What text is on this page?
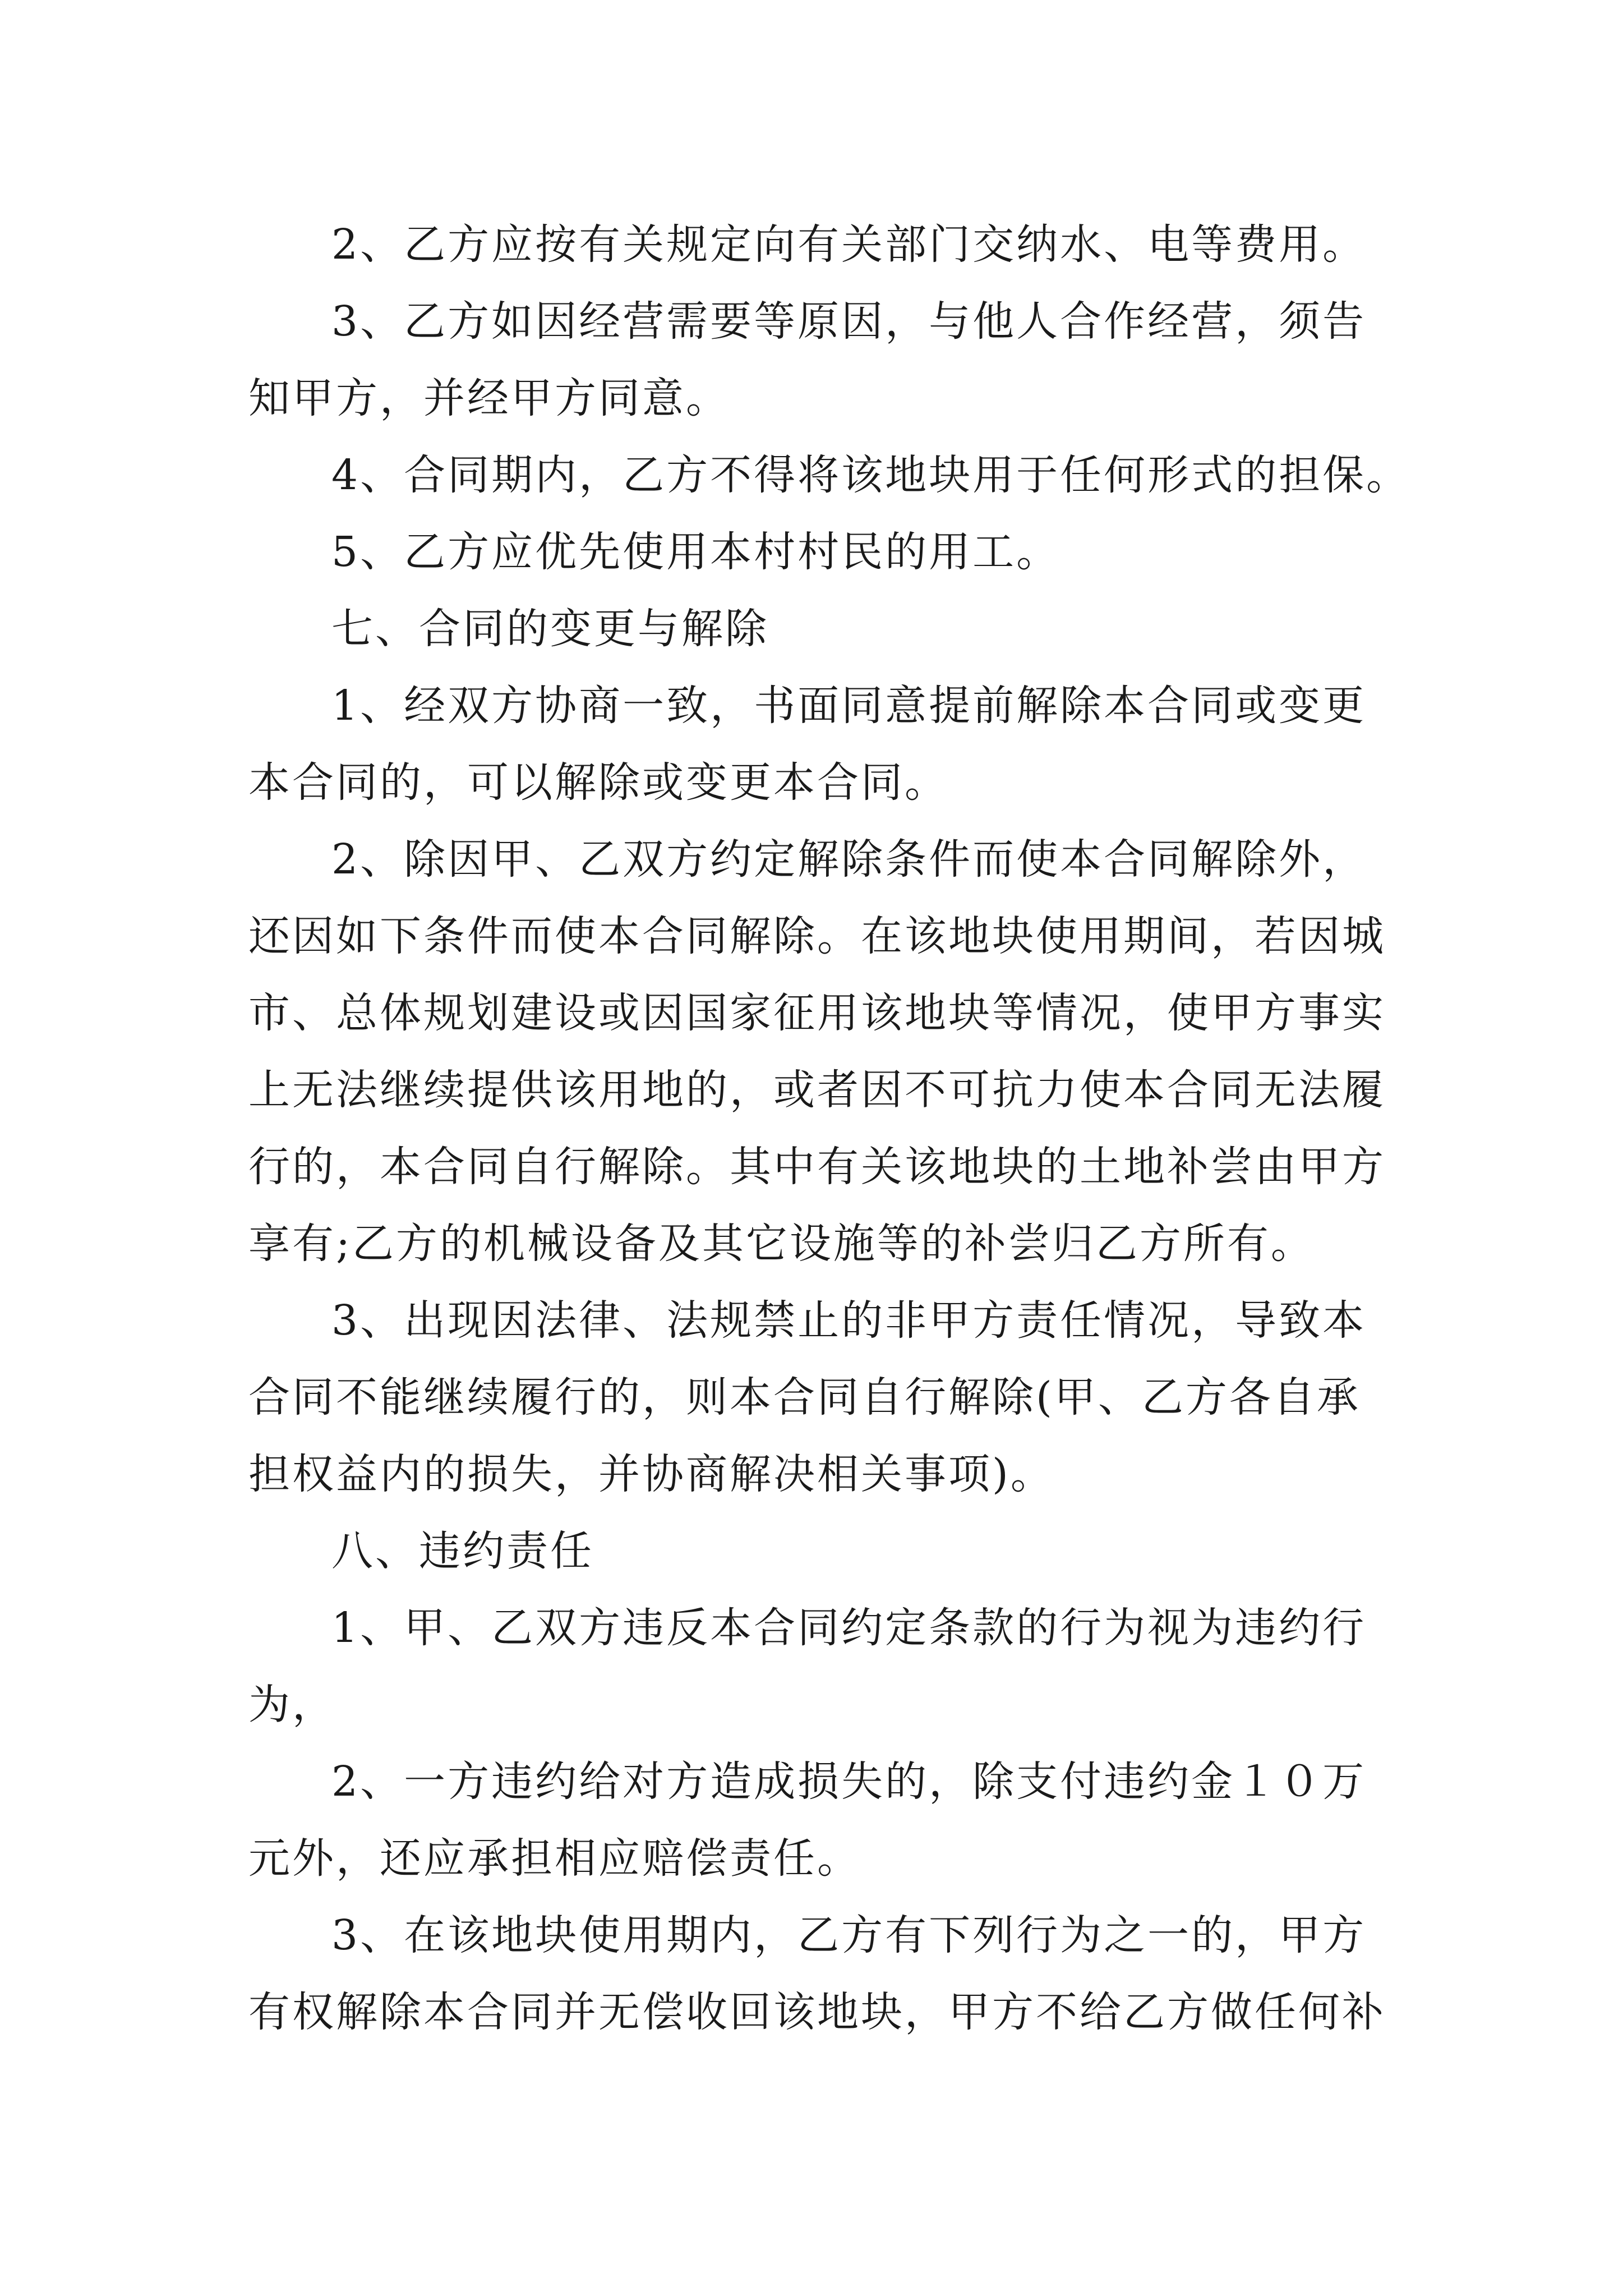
2、乙方应按有关规定向有关部门交纳水、电等费用。

3、乙方如因经营需要等原因，与他人合作经营，须告
知甲方，并经甲方同意。

4、合同期内，乙方不得将该地块用于任何形式的担保。

5、乙方应优先使用本村村民的用工。

七、合同的变更与解除

1、经双方协商一致，书面同意提前解除本合同或变更
本合同的，可以解除或变更本合同。

2、除因甲、乙双方约定解除条件而使本合同解除外，
还因如下条件而使本合同解除。在该地块使用期间，若因城
市、总体规划建设或因国家征用该地块等情况，使甲方事实
上无法继续提供该用地的，或者因不可抗力使本合同无法履
行的，本合同自行解除。其中有关该地块的土地补尝由甲方
享有;乙方的机械设备及其它设施等的补尝归乙方所有。

3、出现因法律、法规禁止的非甲方责任情况，导致本
合同不能继续履行的，则本合同自行解除(甲、乙方各自承
担权益内的损失，并协商解决相关事项)。

八、违约责任

1、甲、乙双方违反本合同约定条款的行为视为违约行
为，

2、一方违约给对方造成损失的，除支付违约金１０万
元外，还应承担相应赔偿责任。

3、在该地块使用期内，乙方有下列行为之一的，甲方
有权解除本合同并无偿收回该地块，甲方不给乙方做任何补
